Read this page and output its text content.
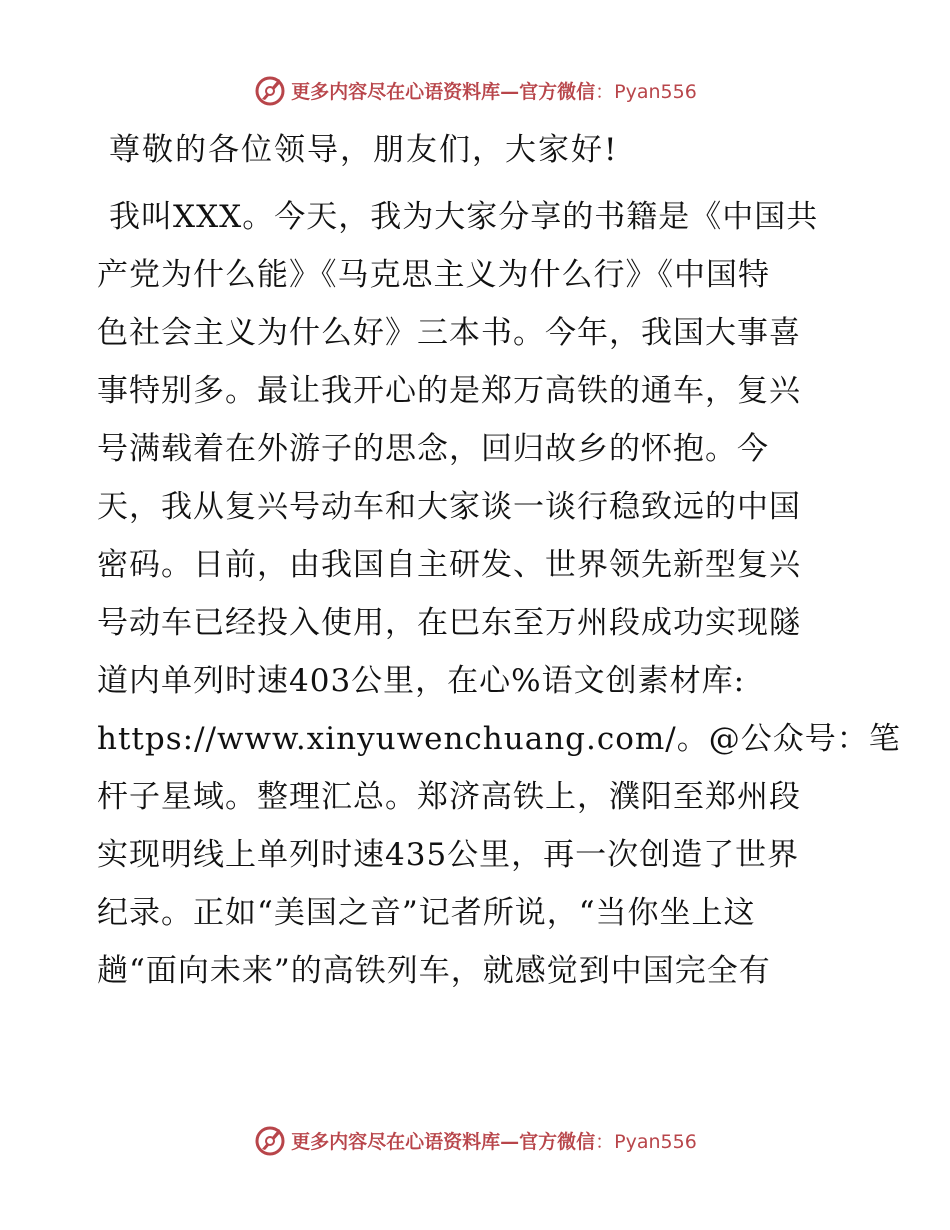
更多内容尽在心语资料库—官方微信 ：Pyan556

尊敬的各位领导，朋友们，大家好!

我叫XXX。今天，我为大家分享的书籍是《中国共
产党为什么能》《马克思主义为什么行》《中国特
色社会主义为什么好》三本书。今年，我国大事喜
事特别多。最让我开心的是郑万高铁的通车，复兴
号满载着在外游子的思念，回归故乡的怀抱。今
天，我从复兴号动车和大家谈一谈行稳致远的中国
密码。日前，由我国自主研发、世界领先新型复兴
号动车已经投入使用，在巴东至万州段成功实现隧
道内单列时速403公里，在心%语文创素材库:
https://www.xinyuwenchuang.com/。@公众号：笔
杆子星域。整理汇总。郑济高铁上，濮阳至郑州段
实现明线上单列时速435公里，再一次创造了世界
纪录。正如“美国之音”记者所说，“当你坐上这
趟“面向未来”的高铁列车，就感觉到中国完全有
更多内容尽在心语资料库—官方微信 ：Pyan556
